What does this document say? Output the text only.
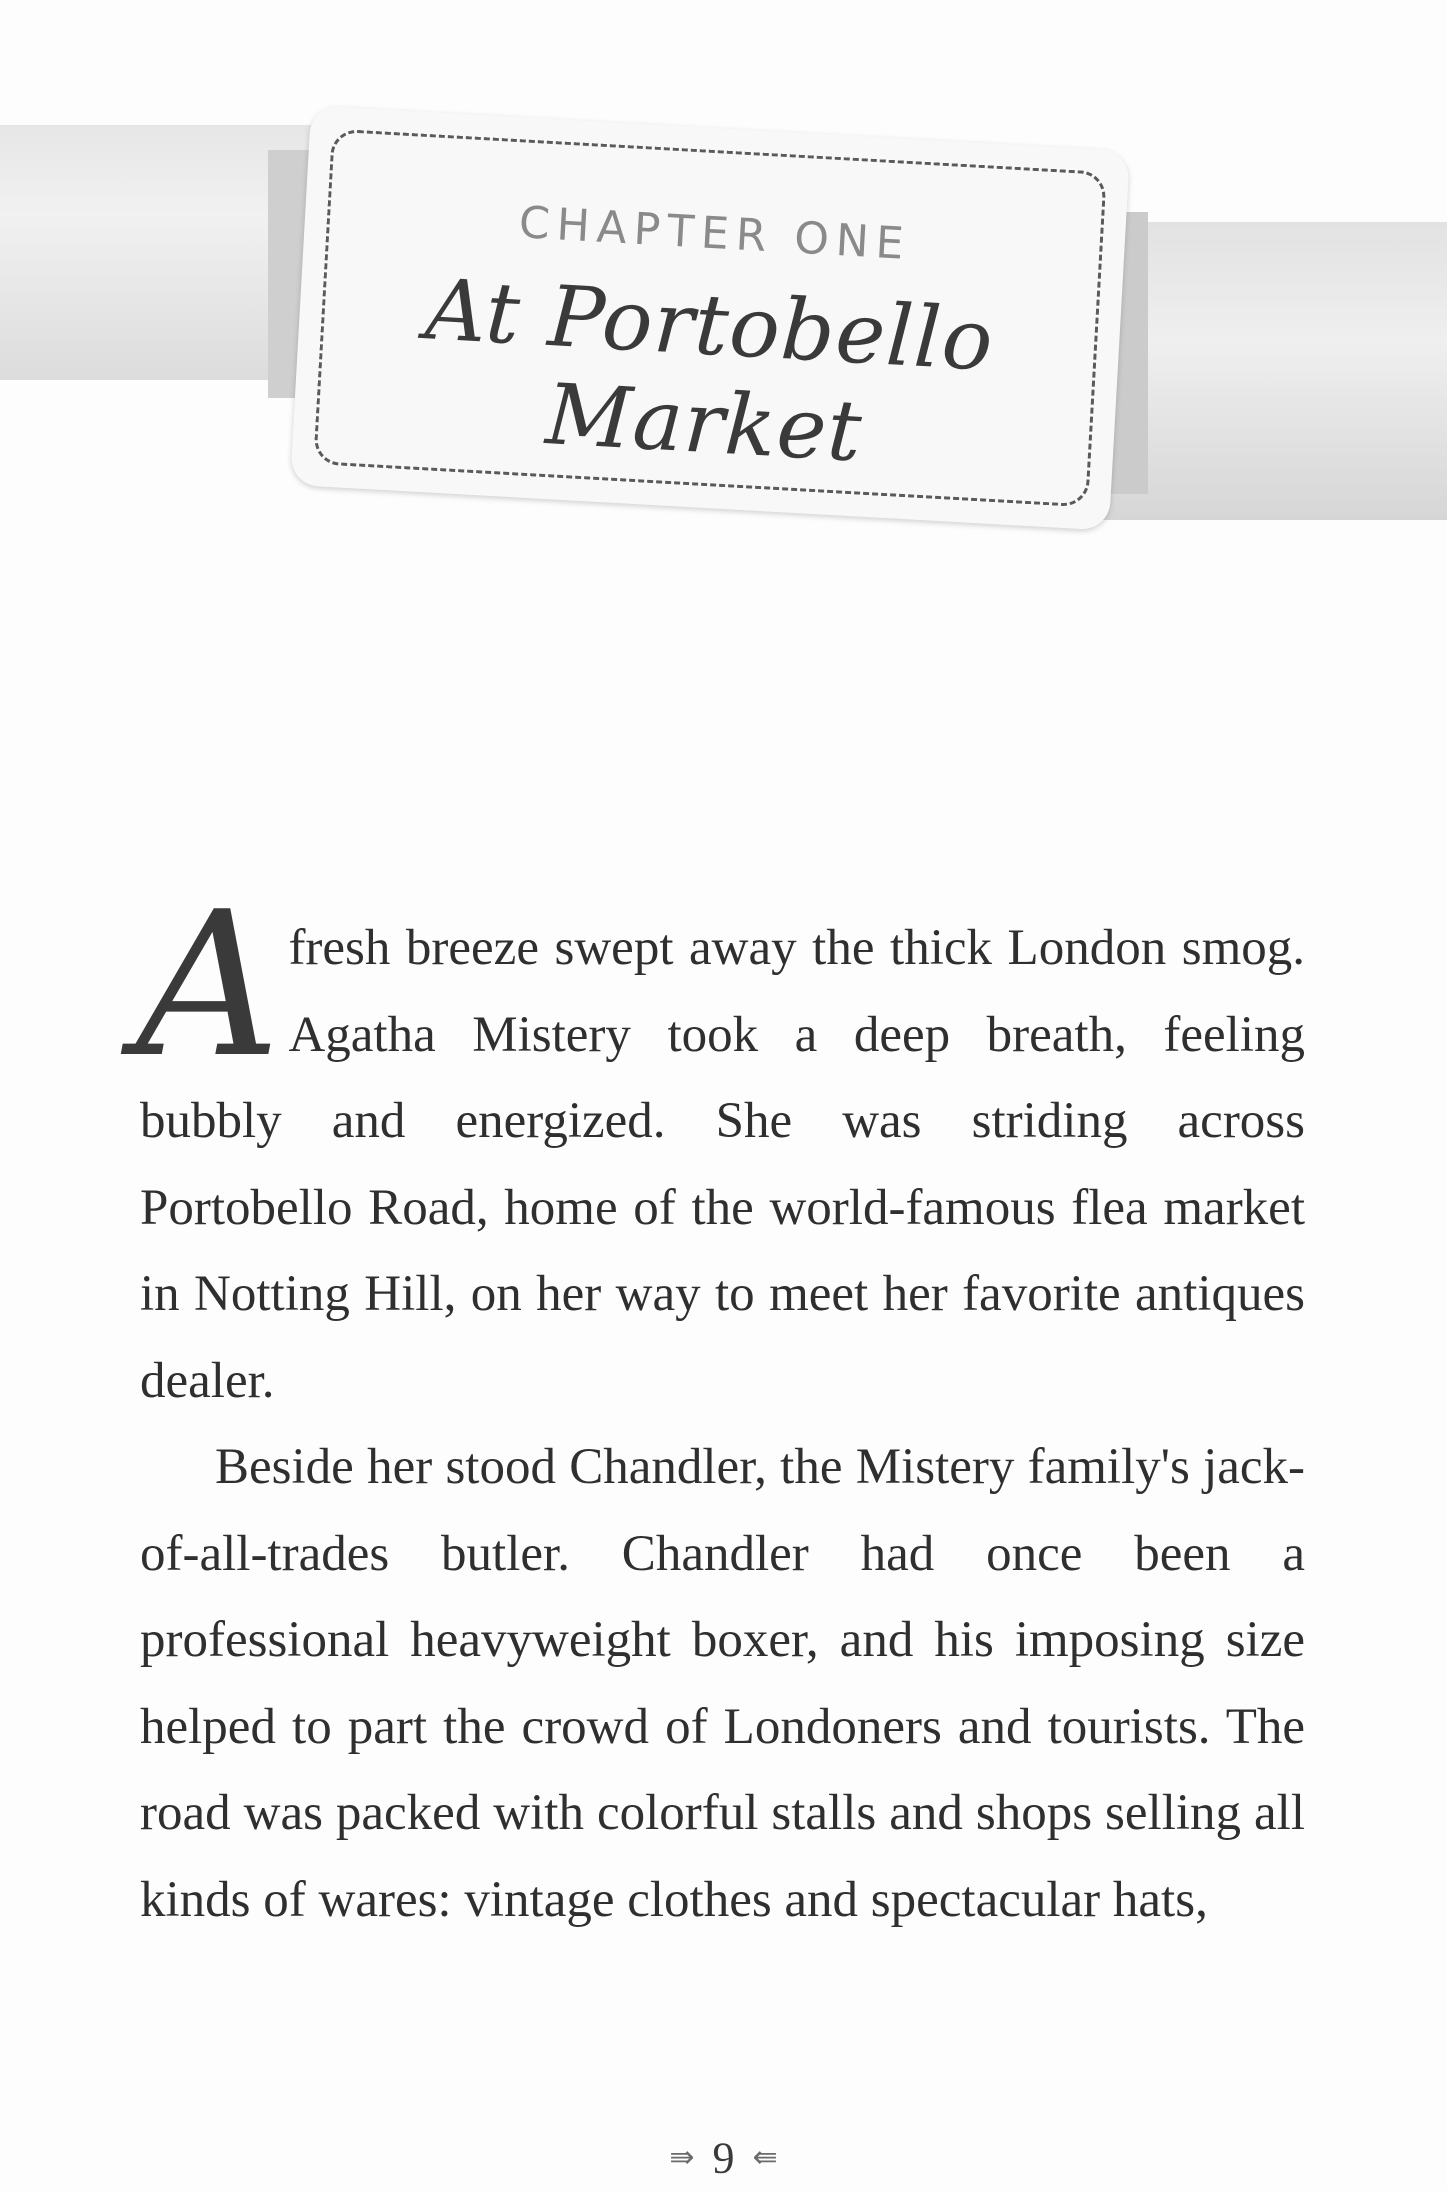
CHAPTER ONE
At Portobello Market

Afresh breeze swept away the thick London smog. Agatha Mistery took a deep breath, feeling bubbly and energized. She was striding across Portobello Road, home of the world-famous flea market in Notting Hill, on her way to meet her favorite antiques dealer.

Beside her stood Chandler, the Mistery family's jack-of-all-trades butler. Chandler had once been a professional heavyweight boxer, and his imposing size helped to part the crowd of Londoners and tourists. The road was packed with colorful stalls and shops selling all kinds of wares: vintage clothes and spectacular hats,

⇛ 9 ⇚
